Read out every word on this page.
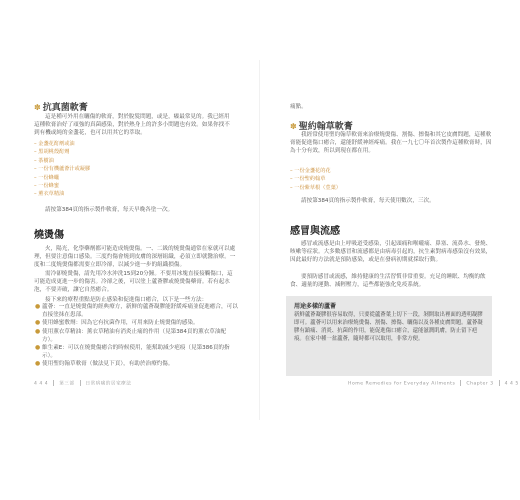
✽ 抗真菌軟膏

這是種可外用在曬傷的軟膏，對於脫髮問題，或是，癢最常見的。我已經用這種軟膏治好了頑強的真菌感染，對於熱身上的許多小問題也有效。如果你找不到有機或純的金盞花，也可以用其它的萃取。

– 金盞花酊劑或油
– 黑胡桃殼酊劑
– 茶樹油
– 一份有機蘆薈汁或凝膠
– 一份蜂蠟
– 一份蜂蜜
– 薰衣草精油

請按第384頁的指示製作軟膏，每天早晚各塗一次。

燒燙傷

火，陽光，化學藥劑都可能造成燒燙傷。一、二級的燒燙傷通常在家就可以處理，但要注意傷口感染。三度灼傷會燒到皮膚的深層組織，必須立即就醫治療。一度和二度燒燙傷都需要立即冷卻，以減少進一步的組織損傷。

需冷卻燒燙傷，請先用冷水沖洗15到20分鐘。不要用冰塊直接接觸傷口，這可能造成更進一步的傷害。冷卻之後，可以塗上蘆薈膠或燒燙傷藥膏。若有起水泡，不要弄破，讓它自然癒合。

接下來的療程重點是防止感染和促進傷口癒合，以下是一些方法：

● 蘆薈：一直是燒燙傷的經典療方，新鮮的蘆薈凝膠能舒緩疼痛並促進癒合，可以直接塗抹在患部。
● 使用蜂蜜敷劑：因為它有抗菌作用，可用來防止燒燙傷的感染。
● 使用薰衣草精油：薰衣草精油有消炎止痛的作用（見第384頁的薰衣草油配方）。
● 維生素E：可以在燒燙傷癒合的時候使用，能幫助減少疤痕（見第386頁的指示）。
● 使用聖約翰草軟膏（做法見下頁），有助於治療灼傷。
4 4 4 第三部 日常病痛的居家療法

痛點。

✽ 聖約翰草軟膏

我經常使用聖約翰草軟膏來治療燒燙傷、割傷、擦傷和其它皮膚問題，這種軟膏能促進傷口癒合，還能舒緩神經疼痛。我在一九七〇年首次製作這種軟膏時，因為十分有效，所以到現在都在用。

– 一份金盞花的花
– 一份聖約翰草
– 一份紫草根（莖葉）

請按第384頁的指示製作軟膏，每天使用數次，三次。

感冒與流感

感冒或流感是由上呼吸道受感染，引起頭痛和喉嚨痛、鼻塞、流鼻水、發燒、咳嗽等症狀。大多數感冒和流感都是由病毒引起的，抗生素對病毒感染沒有效果，因此最好的方法就是預防感染，或是在發病初期就採取行動。

要預防感冒或流感，維持健康的生活習慣非常重要。充足的睡眠、均衡的飲食、適量的運動、減輕壓力，這些都能強化免疫系統。

Home Remedies for Everyday Ailments Chapter 3 4 4 5
用途多樣的蘆薈

新鮮蘆薈凝膠很容易取得，只要從蘆薈葉上切下一段，剝開取出裡面的透明凝膠即可。蘆薈可以用來治療燒燙傷、割傷、擦傷、曬傷以及各種皮膚問題。蘆薈凝膠有鎮痛、消炎、抗菌的作用，能促進傷口癒合，還能滋潤肌膚，防止留下疤痕。在家中種一盆蘆薈，隨時都可以取用，非常方便。
